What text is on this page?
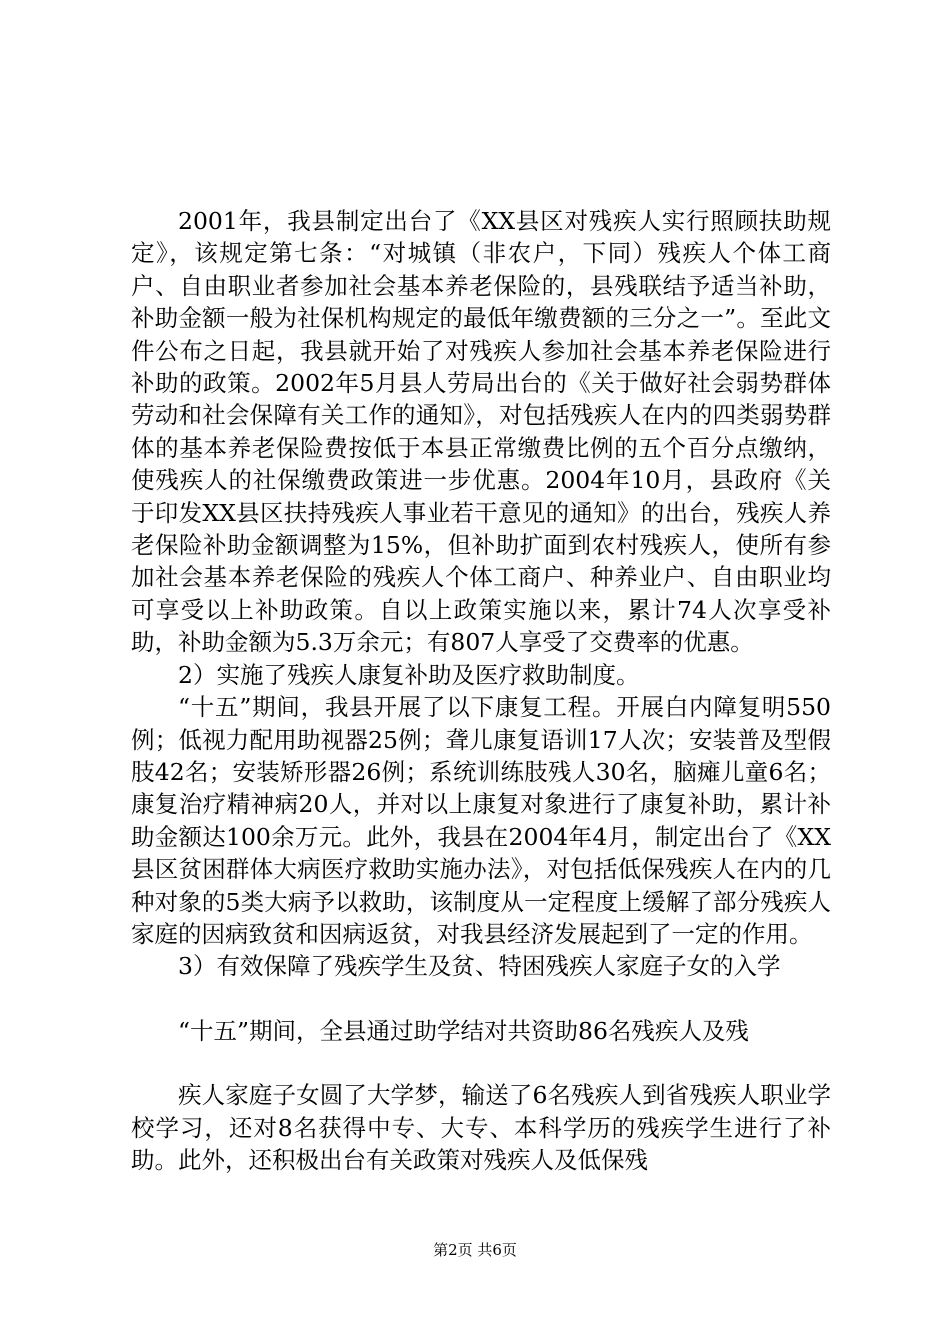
2001年，我县制定出台了《XX县区对残疾人实行照顾扶助规定》，该规定第七条：“对城镇（非农户，下同）残疾人个体工商户、自由职业者参加社会基本养老保险的，县残联结予适当补助，补助金额一般为社保机构规定的最低年缴费额的三分之一”。至此文件公布之日起，我县就开始了对残疾人参加社会基本养老保险进行补助的政策。2002年5月县人劳局出台的《关于做好社会弱势群体劳动和社会保障有关工作的通知》，对包括残疾人在内的四类弱势群体的基本养老保险费按低于本县正常缴费比例的五个百分点缴纳，使残疾人的社保缴费政策进一步优惠。2004年10月，县政府《关于印发XX县区扶持残疾人事业若干意见的通知》的出台，残疾人养老保险补助金额调整为15%，但补助扩面到农村残疾人，使所有参加社会基本养老保险的残疾人个体工商户、种养业户、自由职业均可享受以上补助政策。自以上政策实施以来，累计74人次享受补助，补助金额为5.3万余元；有807人享受了交费率的优惠。

2）实施了残疾人康复补助及医疗救助制度。

“十五”期间，我县开展了以下康复工程。开展白内障复明550例；低视力配用助视器25例；聋儿康复语训17人次；安装普及型假肢42名；安装矫形器26例；系统训练肢残人30名，脑瘫儿童6名；康复治疗精神病20人，并对以上康复对象进行了康复补助，累计补助金额达100余万元。此外，我县在2004年4月，制定出台了《XX县区贫困群体大病医疗救助实施办法》，对包括低保残疾人在内的几种对象的5类大病予以救助，该制度从一定程度上缓解了部分残疾人家庭的因病致贫和因病返贫，对我县经济发展起到了一定的作用。

3）有效保障了残疾学生及贫、特困残疾人家庭子女的入学

“十五”期间，全县通过助学结对共资助86名残疾人及残

疾人家庭子女圆了大学梦，输送了6名残疾人到省残疾人职业学校学习，还对8名获得中专、大专、本科学历的残疾学生进行了补助。此外，还积极出台有关政策对残疾人及低保残

第2页 共6页
